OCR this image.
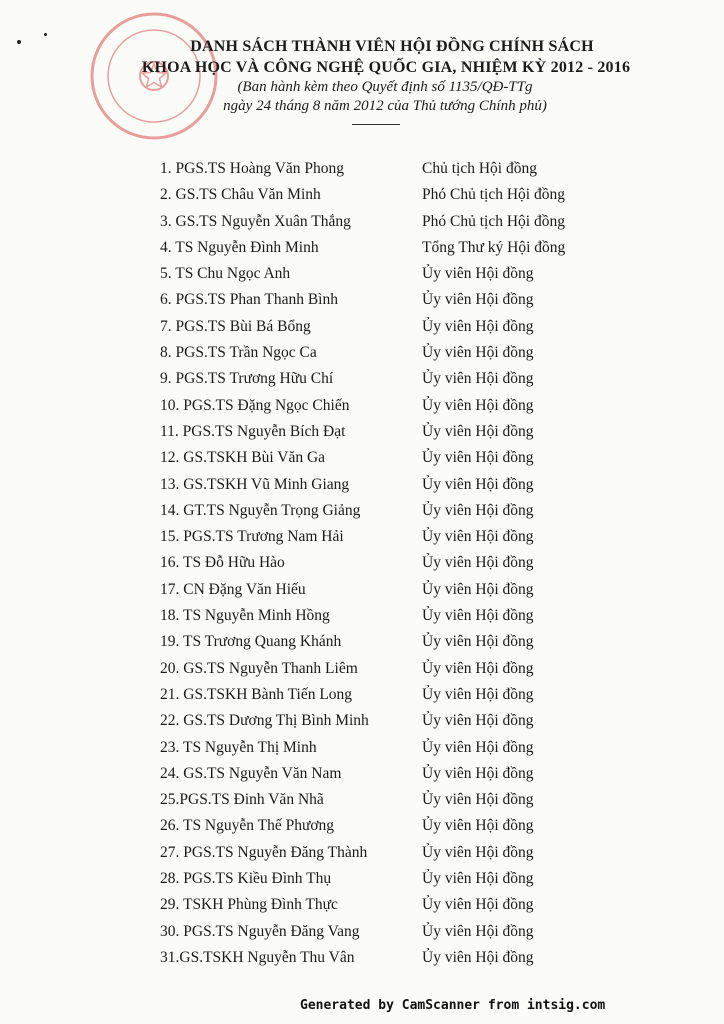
DANH SÁCH THÀNH VIÊN HỘI ĐỒNG CHÍNH SÁCH

KHOA HỌC VÀ CÔNG NGHỆ QUỐC GIA, NHIỆM KỲ 2012 - 2016

(Ban hành kèm theo Quyết định số 1135/QĐ-TTg

ngày 24 tháng 8 năm 2012 của Thủ tướng Chính phủ)

1. PGS.TS Hoàng Văn Phong	Chủ tịch Hội đồng
2. GS.TS Châu Văn Minh	Phó Chủ tịch Hội đồng
3. GS.TS Nguyễn Xuân Thắng	Phó Chủ tịch Hội đồng
4. TS Nguyễn Đình Minh	Tổng Thư ký Hội đồng
5. TS Chu Ngọc Anh	Ủy viên Hội đồng
6. PGS.TS Phan Thanh Bình	Ủy viên Hội đồng
7. PGS.TS Bùi Bá Bổng	Ủy viên Hội đồng
8. PGS.TS Trần Ngọc Ca	Ủy viên Hội đồng
9. PGS.TS Trương Hữu Chí	Ủy viên Hội đồng
10. PGS.TS Đặng Ngọc Chiến	Ủy viên Hội đồng
11. PGS.TS Nguyễn Bích Đạt	Ủy viên Hội đồng
12. GS.TSKH Bùi Văn Ga	Ủy viên Hội đồng
13. GS.TSKH Vũ Minh Giang	Ủy viên Hội đồng
14. GT.TS Nguyễn Trọng Giảng	Ủy viên Hội đồng
15. PGS.TS Trương Nam Hải	Ủy viên Hội đồng
16. TS Đỗ Hữu Hào	Ủy viên Hội đồng
17. CN Đặng Văn Hiếu	Ủy viên Hội đồng
18. TS Nguyễn Minh Hồng	Ủy viên Hội đồng
19. TS Trương Quang Khánh	Ủy viên Hội đồng
20. GS.TS Nguyễn Thanh Liêm	Ủy viên Hội đồng
21. GS.TSKH Bành Tiến Long	Ủy viên Hội đồng
22. GS.TS Dương Thị Bình Minh	Ủy viên Hội đồng
23. TS Nguyễn Thị Minh	Ủy viên Hội đồng
24. GS.TS Nguyễn Văn Nam	Ủy viên Hội đồng
25.PGS.TS Đinh Văn Nhã	Ủy viên Hội đồng
26. TS Nguyễn Thế Phương	Ủy viên Hội đồng
27. PGS.TS Nguyễn Đăng Thành	Ủy viên Hội đồng
28. PGS.TS Kiều Đình Thụ	Ủy viên Hội đồng
29. TSKH Phùng Đình Thực	Ủy viên Hội đồng
30. PGS.TS Nguyễn Đăng Vang	Ủy viên Hội đồng
31.GS.TSKH Nguyễn Thu Vân	Ủy viên Hội đồng
Generated by CamScanner from intsig.com
